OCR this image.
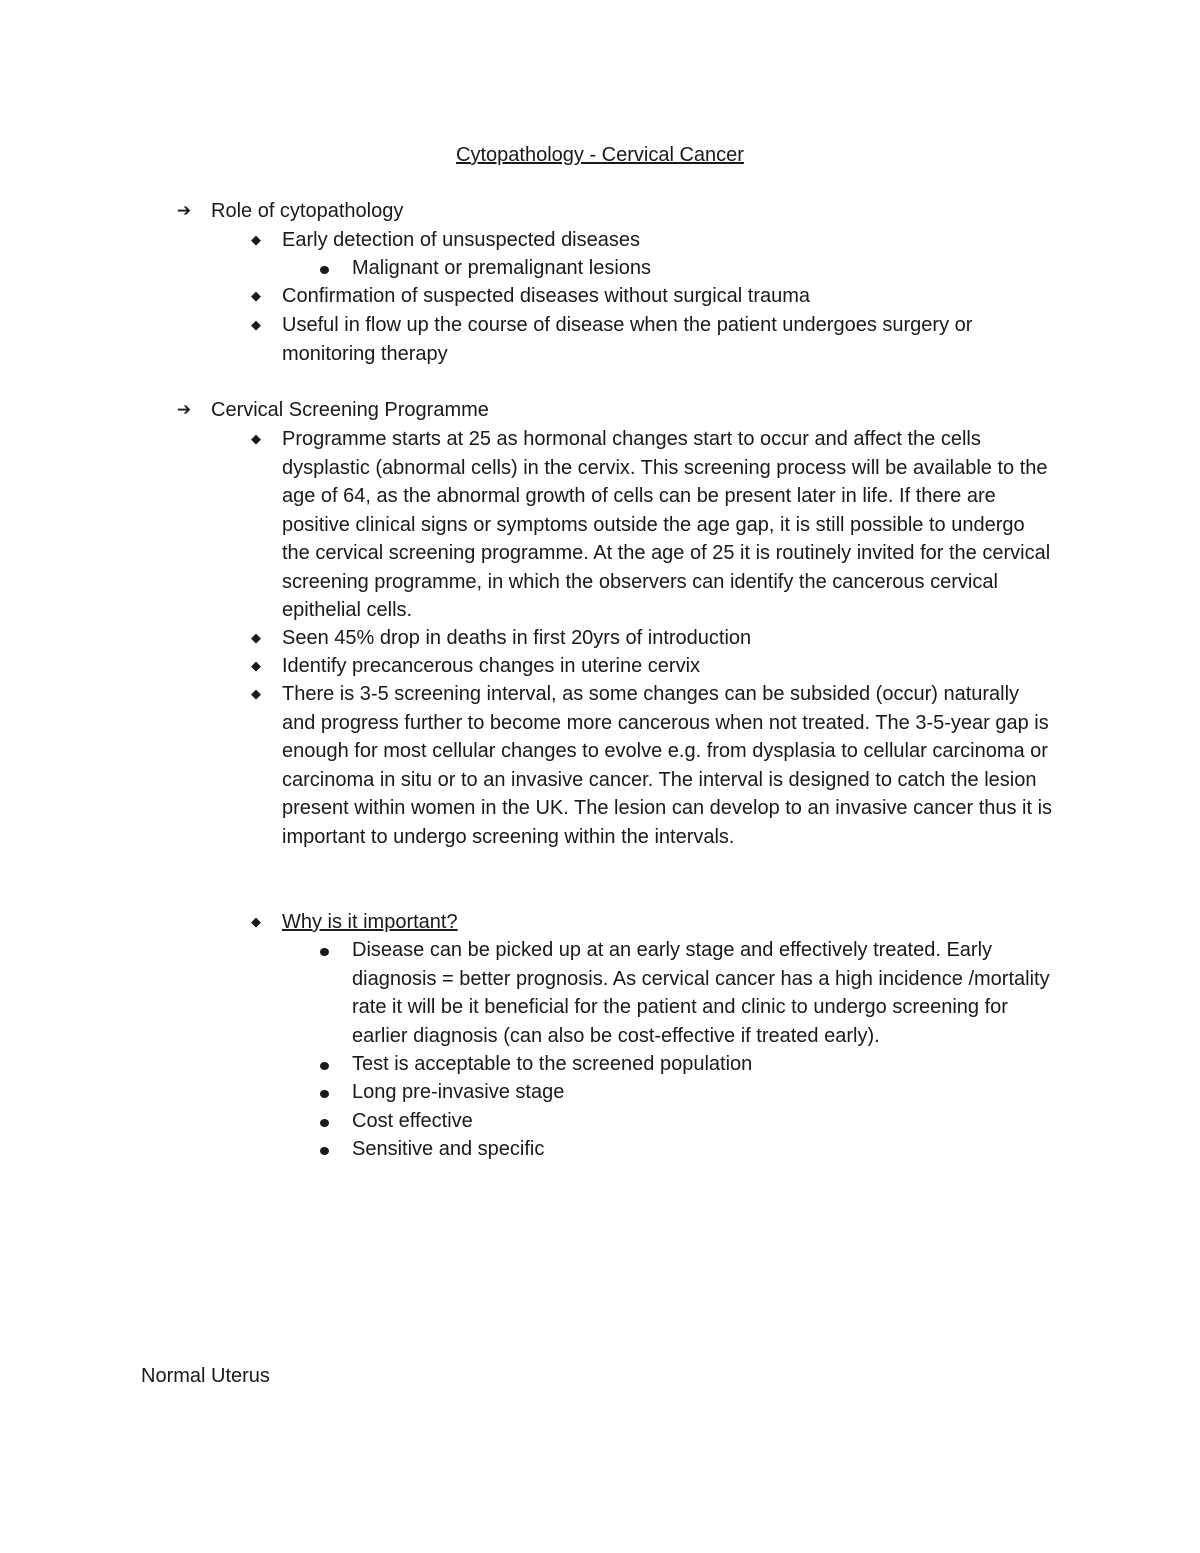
Cytopathology - Cervical Cancer
➔ Role of cytopathology
◆ Early detection of unsuspected diseases
Malignant or premalignant lesions
◆ Confirmation of suspected diseases without surgical trauma
◆ Useful in flow up the course of disease when the patient undergoes surgery or monitoring therapy
➔ Cervical Screening Programme
◆ Programme starts at 25 as hormonal changes start to occur and affect the cells dysplastic (abnormal cells) in the cervix. This screening process will be available to the age of 64, as the abnormal growth of cells can be present later in life. If there are positive clinical signs or symptoms outside the age gap, it is still possible to undergo the cervical screening programme. At the age of 25 it is routinely invited for the cervical screening programme, in which the observers can identify the cancerous cervical epithelial cells.
◆ Seen 45% drop in deaths in first 20yrs of introduction
◆ Identify precancerous changes in uterine cervix
◆ There is 3-5 screening interval, as some changes can be subsided (occur) naturally and progress further to become more cancerous when not treated. The 3-5-year gap is enough for most cellular changes to evolve e.g. from dysplasia to cellular carcinoma or carcinoma in situ or to an invasive cancer. The interval is designed to catch the lesion present within women in the UK. The lesion can develop to an invasive cancer thus it is important to undergo screening within the intervals.
◆ Why is it important?
Disease can be picked up at an early stage and effectively treated. Early diagnosis = better prognosis. As cervical cancer has a high incidence /mortality rate it will be it beneficial for the patient and clinic to undergo screening for earlier diagnosis (can also be cost-effective if treated early).
Test is acceptable to the screened population
Long pre-invasive stage
Cost effective
Sensitive and specific
Normal Uterus
